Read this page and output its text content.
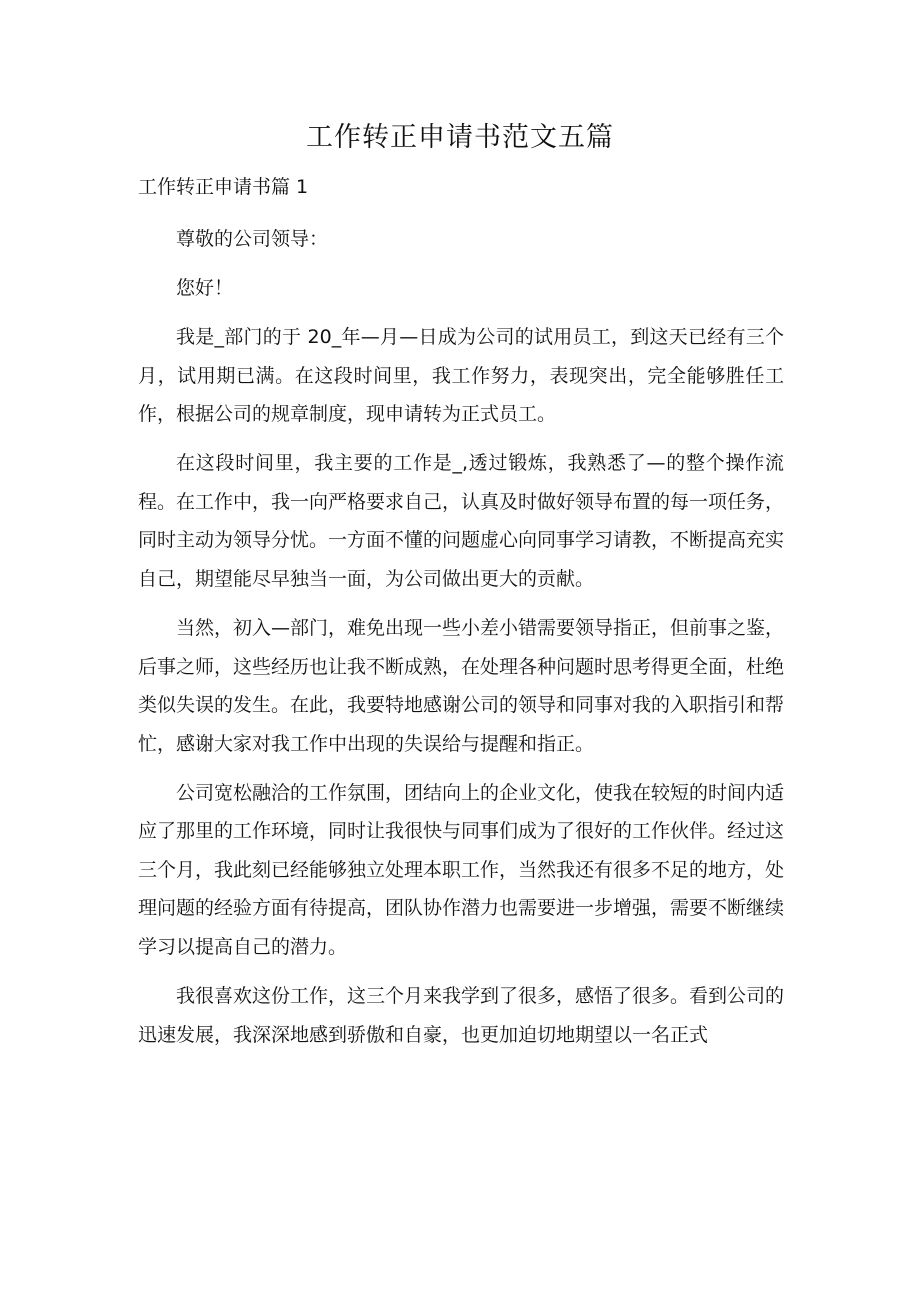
工作转正申请书范文五篇
工作转正申请书篇 1

尊敬的公司领导：

您好！

我是_部门的于 20_年—月—日成为公司的试用员工，到这天已经有三个月，试用期已满。在这段时间里，我工作努力，表现突出，完全能够胜任工作，根据公司的规章制度，现申请转为正式员工。

在这段时间里，我主要的工作是_,透过锻炼，我熟悉了—的整个操作流程。在工作中，我一向严格要求自己，认真及时做好领导布置的每一项任务，同时主动为领导分忧。一方面不懂的问题虚心向同事学习请教，不断提高充实自己，期望能尽早独当一面，为公司做出更大的贡献。

当然，初入—部门，难免出现一些小差小错需要领导指正，但前事之鉴，后事之师，这些经历也让我不断成熟，在处理各种问题时思考得更全面，杜绝类似失误的发生。在此，我要特地感谢公司的领导和同事对我的入职指引和帮忙，感谢大家对我工作中出现的失误给与提醒和指正。

公司宽松融洽的工作氛围，团结向上的企业文化，使我在较短的时间内适应了那里的工作环境，同时让我很快与同事们成为了很好的工作伙伴。经过这三个月，我此刻已经能够独立处理本职工作，当然我还有很多不足的地方，处理问题的经验方面有待提高，团队协作潜力也需要进一步增强，需要不断继续学习以提高自己的潜力。

我很喜欢这份工作，这三个月来我学到了很多，感悟了很多。看到公司的迅速发展，我深深地感到骄傲和自豪，也更加迫切地期望以一名正式
